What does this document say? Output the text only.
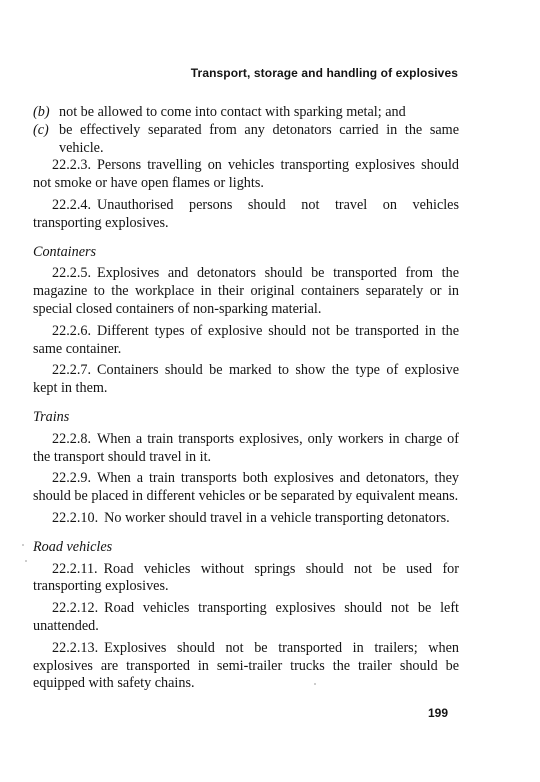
Transport, storage and handling of explosives
(b) not be allowed to come into contact with sparking metal; and
(c) be effectively separated from any detonators carried in the same vehicle.

22.2.3. Persons travelling on vehicles transporting explosives should not smoke or have open flames or lights.

22.2.4. Unauthorised persons should not travel on vehicles transporting explosives.

Containers

22.2.5. Explosives and detonators should be transported from the magazine to the workplace in their original containers separately or in special closed containers of non-sparking material.

22.2.6. Different types of explosive should not be transported in the same container.

22.2.7. Containers should be marked to show the type of explosive kept in them.

Trains

22.2.8. When a train transports explosives, only workers in charge of the transport should travel in it.

22.2.9. When a train transports both explosives and detonators, they should be placed in different vehicles or be separated by equivalent means.

22.2.10. No worker should travel in a vehicle transporting detonators.

Road vehicles

22.2.11. Road vehicles without springs should not be used for transporting explosives.

22.2.12. Road vehicles transporting explosives should not be left unattended.

22.2.13. Explosives should not be transported in trailers; when explosives are transported in semi-trailer trucks the trailer should be equipped with safety chains.

199
